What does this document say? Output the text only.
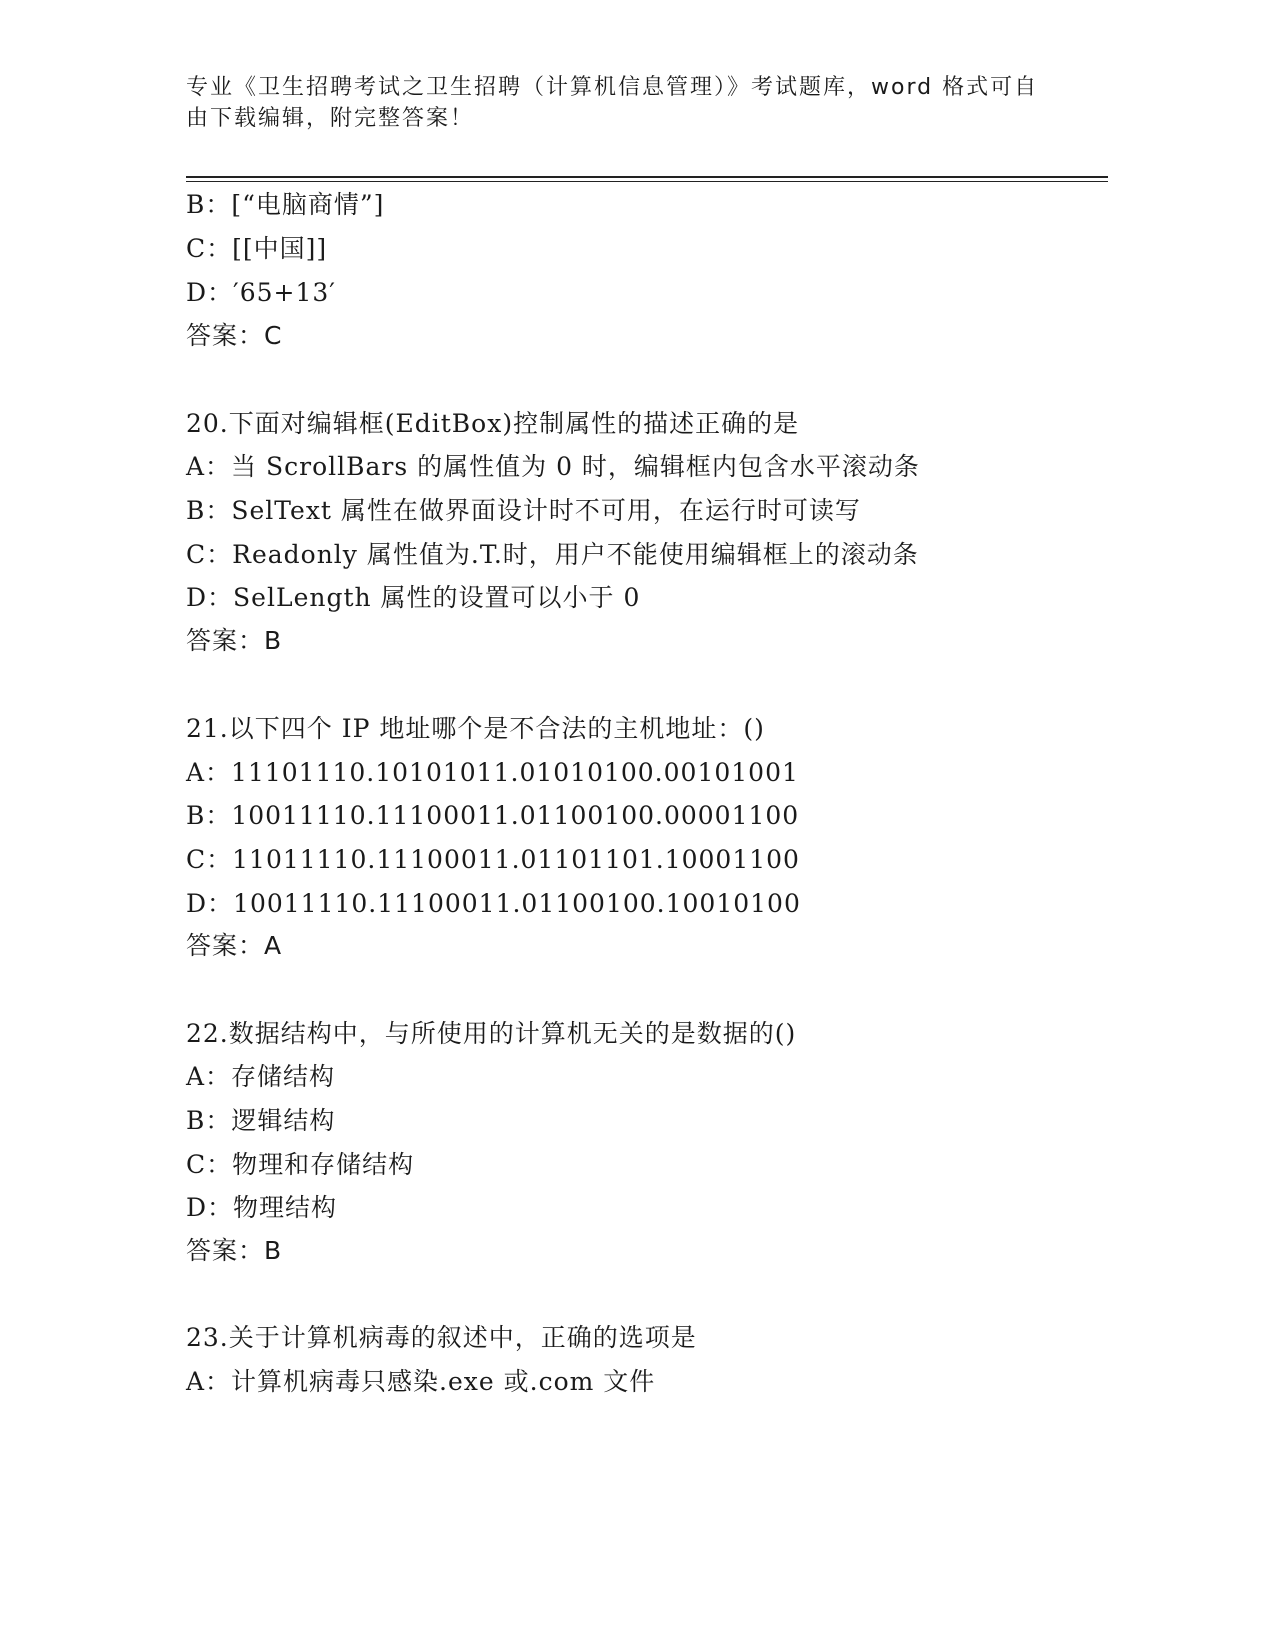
专业《卫生招聘考试之卫生招聘（计算机信息管理）》考试题库，word 格式可自
由下载编辑，附完整答案！
B：[“电脑商情”]
C：[[中国]]
D：′65+13′
答案：C
20.下面对编辑框(EditBox)控制属性的描述正确的是
A：当 ScrollBars 的属性值为 0 时，编辑框内包含水平滚动条
B：SelText 属性在做界面设计时不可用，在运行时可读写
C：Readonly 属性值为.T.时，用户不能使用编辑框上的滚动条
D：SelLength 属性的设置可以小于 0
答案：B
21.以下四个 IP 地址哪个是不合法的主机地址：()
A：11101110.10101011.01010100.00101001
B：10011110.11100011.01100100.00001100
C：11011110.11100011.01101101.10001100
D：10011110.11100011.01100100.10010100
答案：A
22.数据结构中，与所使用的计算机无关的是数据的()
A：存储结构
B：逻辑结构
C：物理和存储结构
D：物理结构
答案：B
23.关于计算机病毒的叙述中，正确的选项是
A：计算机病毒只感染.exe 或.com 文件
